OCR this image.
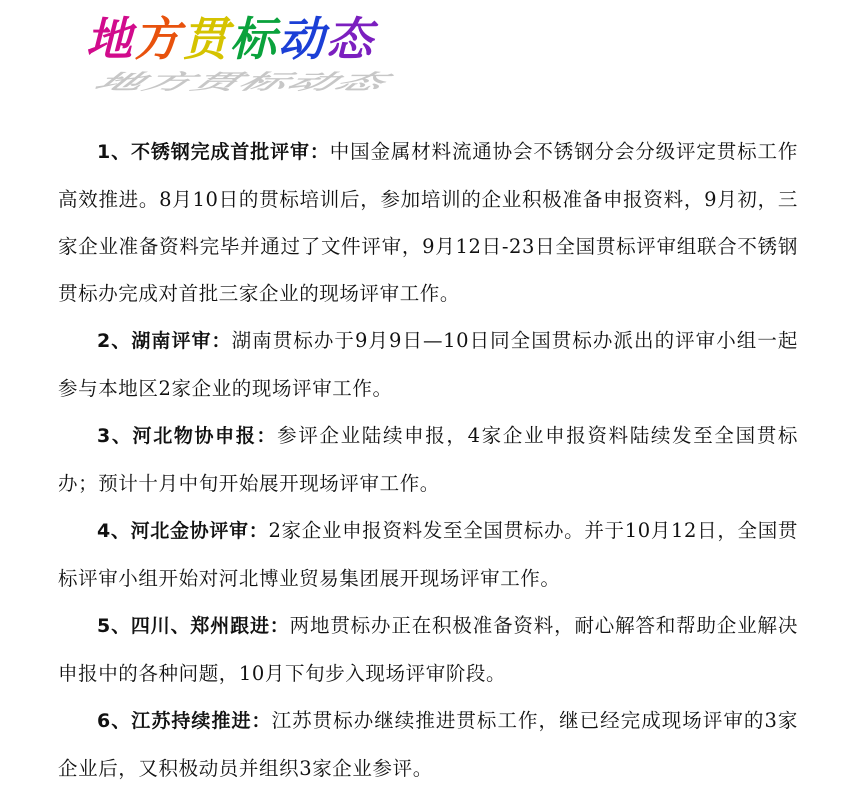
地方贯标动态
地方贯标动态

1、不锈钢完成首批评审：中国金属材料流通协会不锈钢分会分级评定贯标工作高效推进。8月10日的贯标培训后，参加培训的企业积极准备申报资料，9月初，三家企业准备资料完毕并通过了文件评审，9月12日-23日全国贯标评审组联合不锈钢贯标办完成对首批三家企业的现场评审工作。

2、湖南评审：湖南贯标办于9月9日—10日同全国贯标办派出的评审小组一起参与本地区2家企业的现场评审工作。

3、河北物协申报：参评企业陆续申报，4家企业申报资料陆续发至全国贯标办；预计十月中旬开始展开现场评审工作。

4、河北金协评审：2家企业申报资料发至全国贯标办。并于10月12日，全国贯标评审小组开始对河北博业贸易集团展开现场评审工作。

5、四川、郑州跟进：两地贯标办正在积极准备资料，耐心解答和帮助企业解决申报中的各种问题，10月下旬步入现场评审阶段。

6、江苏持续推进：江苏贯标办继续推进贯标工作，继已经完成现场评审的3家企业后，又积极动员并组织3家企业参评。
